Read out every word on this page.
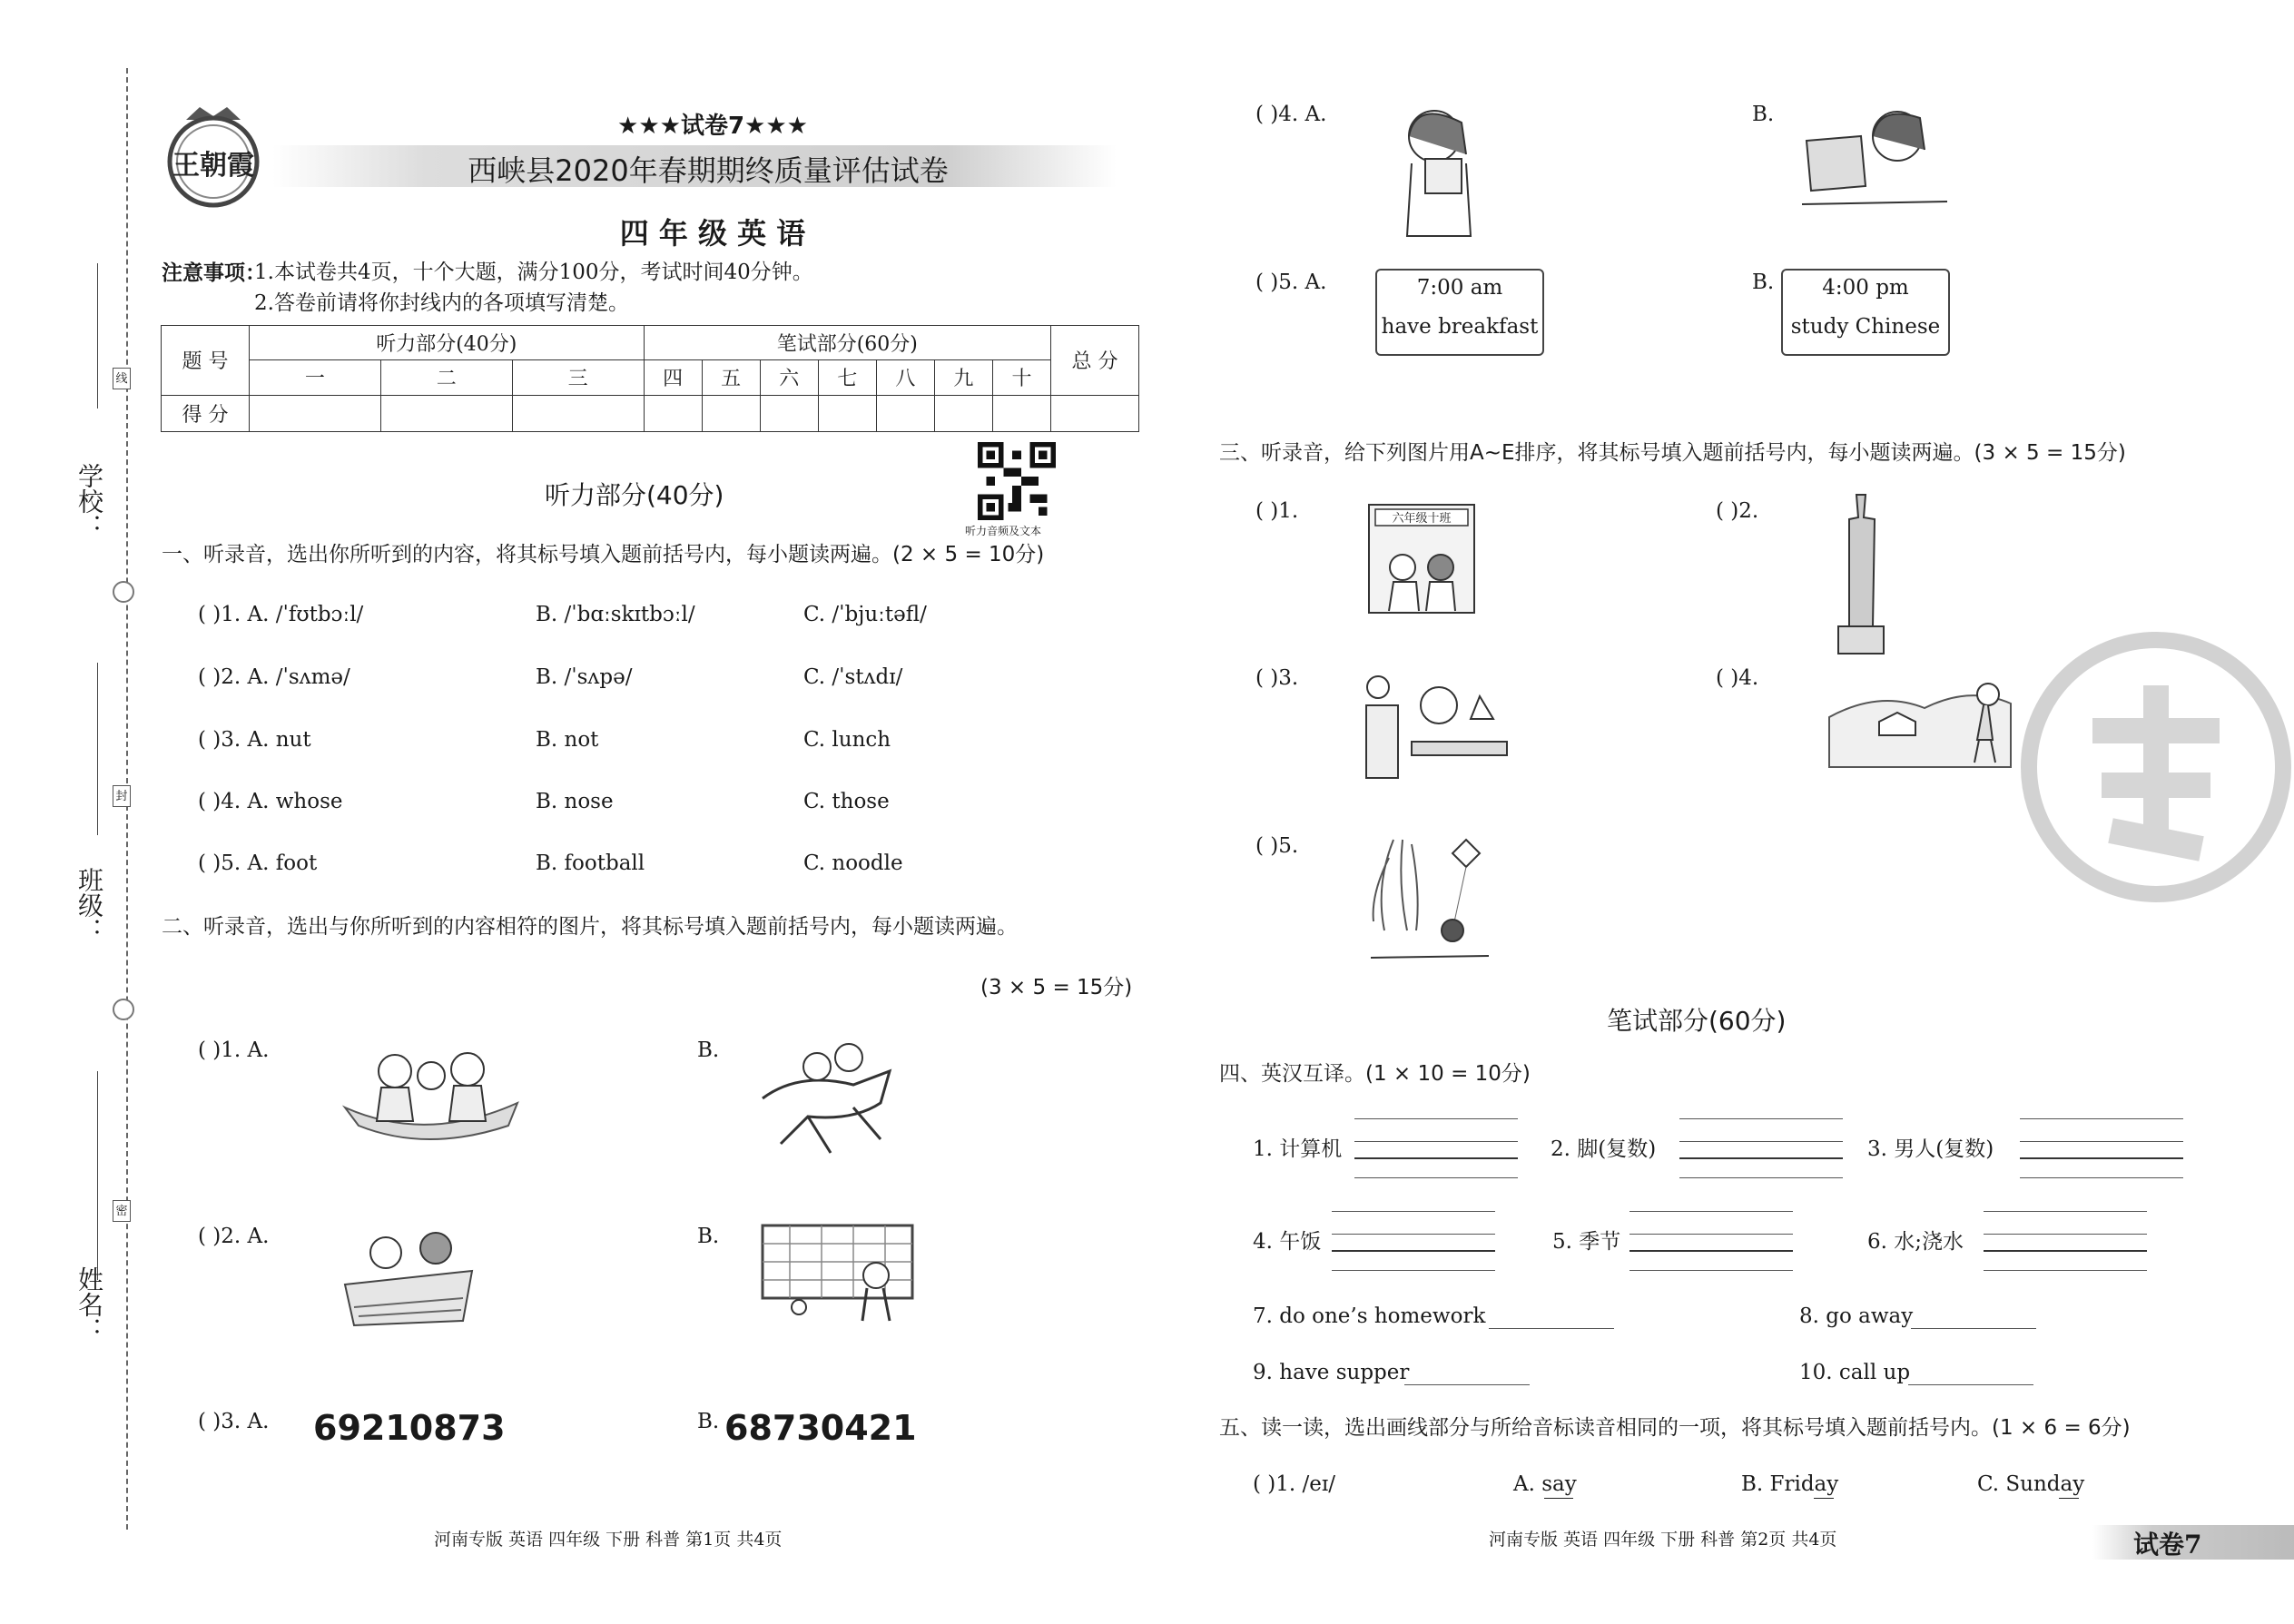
学校：
班级：
姓名：
线
封
密
王朝霞
★★★试卷7★★★
西峡县2020年春期期终质量评估试卷
四 年 级 英 语
注意事项：
1.本试卷共4页，十个大题，满分100分，考试时间40分钟。
2.答卷前请将你封线内的各项填写清楚。
题 号	听力部分(40分)			笔试部分(60分)							总 分
	一	二	三	四	五	六	七	八	九	十	
得 分											
听力音频及文本
听力部分(40分)
一、听录音，选出你所听到的内容，将其标号填入题前括号内，每小题读两遍。(2 × 5 = 10分)
( )1. A. /ˈfʊtbɔːl/	B. /ˈbɑːskɪtbɔːl/	C. /ˈbjuːtəfl/
( )2. A. /ˈsʌmə/	B. /ˈsʌpə/	C. /ˈstʌdɪ/
( )3. A. nut	B. not	C. lunch
( )4. A. whose	B. nose	C. those
( )5. A. foot	B. football	C. noodle
二、听录音，选出与你所听到的内容相符的图片，将其标号填入题前括号内，每小题读两遍。
(3 × 5 = 15分)
( )1. A.	B.
( )2. A.	B.
( )3. A. 69210873	B. 68730421
河南专版 英语 四年级 下册 科普 第1页 共4页
( )4. A.	B.
( )5. A.	7:00 am
have breakfast
B.	4:00 pm
study Chinese
三、听录音，给下列图片用A~E排序，将其标号填入题前括号内，每小题读两遍。(3 × 5 = 15分)
( )1.	六年级十班	( )2.
( )3.	( )4.
( )5.
笔试部分(60分)
四、英汉互译。(1 × 10 = 10分)
1. 计算机	2. 脚(复数)	3. 男人(复数)
4. 午饭	5. 季节	6. 水;浇水
7. do one’s homework	8. go away
9. have supper	10. call up
五、读一读，选出画线部分与所给音标读音相同的一项，将其标号填入题前括号内。(1 × 6 = 6分)
( )1. /eɪ/	A. say	B. Friday	C. Sunday
河南专版 英语 四年级 下册 科普 第2页 共4页	试卷7
